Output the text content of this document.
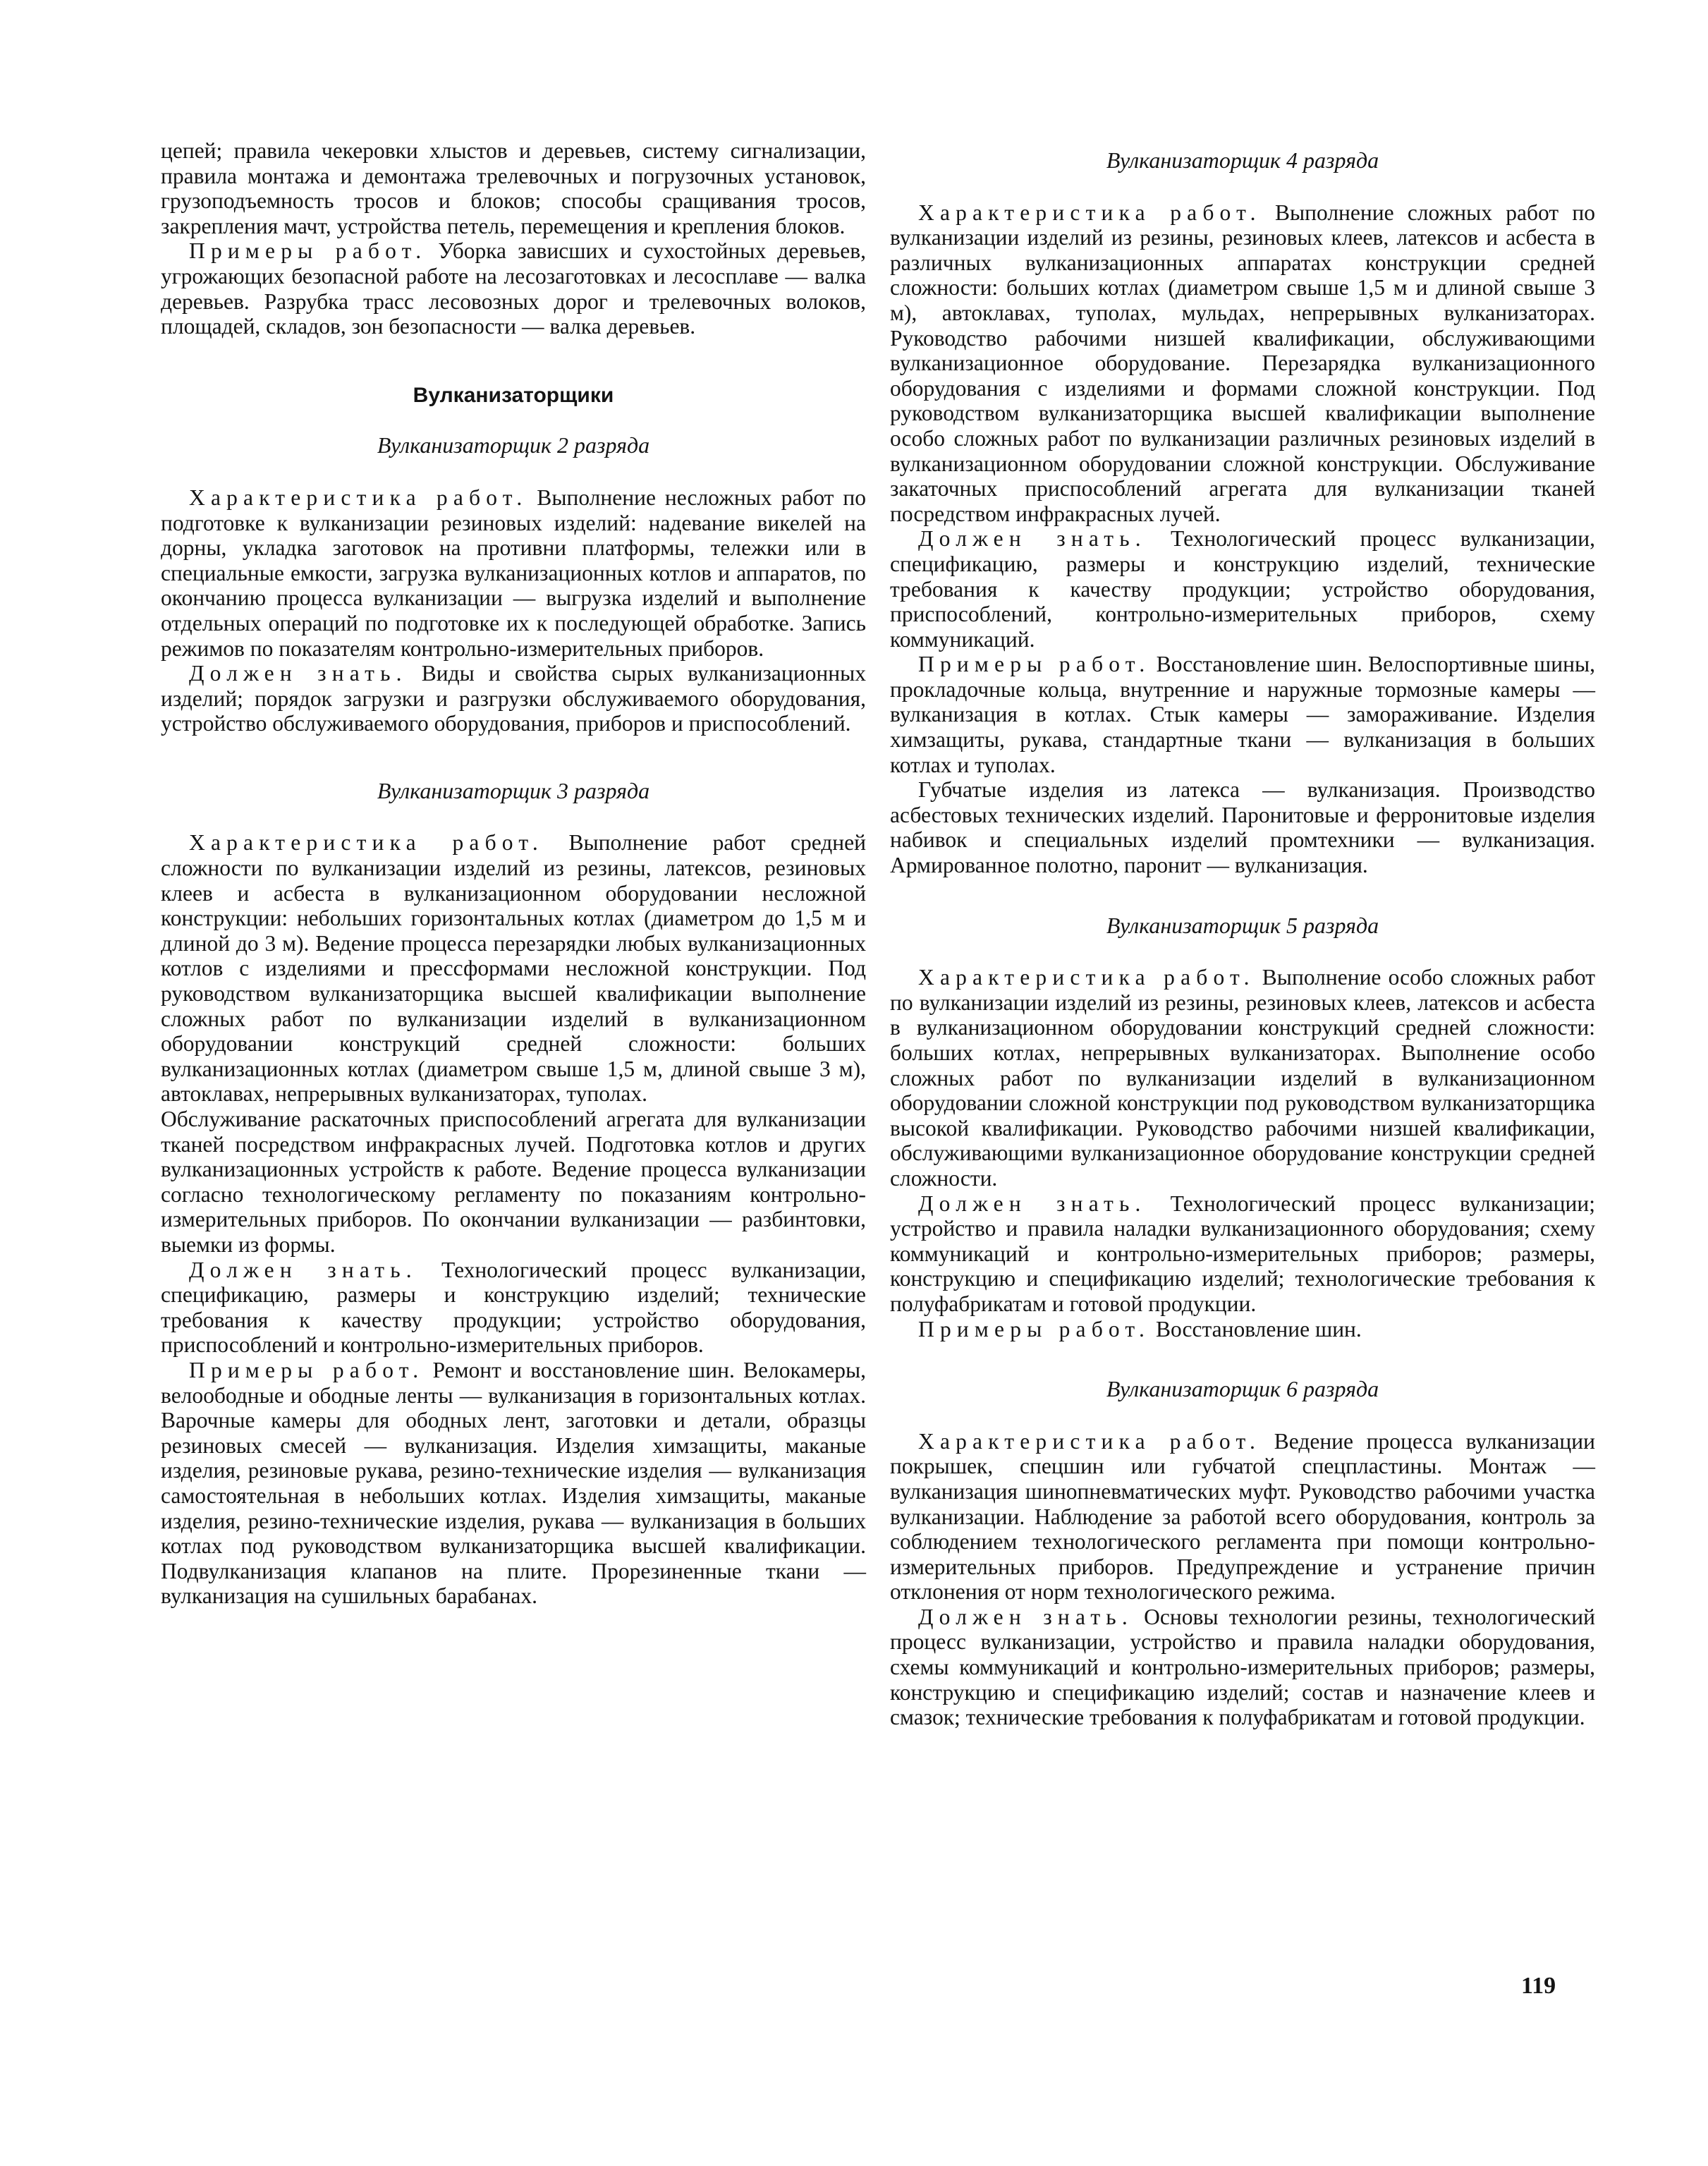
цепей; правила чекеровки хлыстов и деревьев, систему сигнализации, правила монтажа и демонтажа трелевочных и погрузочных установок, грузоподъемность тросов и блоков; способы сращивания тросов, закрепления мачт, устройства петель, перемещения и крепления блоков.

Примеры работ. Уборка зависших и сухостойных деревьев, угрожающих безопасной работе на лесозаготовках и лесосплаве — валка деревьев. Разрубка трасс лесовозных дорог и трелевочных волоков, площадей, складов, зон безопасности — валка деревьев.

Вулканизаторщики
Вулканизаторщик 2 разряда

Характеристика работ. Выполнение несложных работ по подготовке к вулканизации резиновых изделий: надевание викелей на дорны, укладка заготовок на противни платформы, тележки или в специальные емкости, загрузка вулканизационных котлов и аппаратов, по окончанию процесса вулканизации — выгрузка изделий и выполнение отдельных операций по подготовке их к последующей обработке. Запись режимов по показателям контрольно-измерительных приборов.

Должен знать. Виды и свойства сырых вулканизационных изделий; порядок загрузки и разгрузки обслуживаемого оборудования, устройство обслуживаемого оборудования, приборов и приспособлений.

Вулканизаторщик 3 разряда

Характеристика работ. Выполнение работ средней сложности по вулканизации изделий из резины, латексов, резиновых клеев и асбеста в вулканизационном оборудовании несложной конструкции: небольших горизонтальных котлах (диаметром до 1,5 м и длиной до 3 м). Ведение процесса перезарядки любых вулканизационных котлов с изделиями и прессформами несложной конструкции. Под руководством вулканизаторщика высшей квалификации выполнение сложных работ по вулканизации изделий в вулканизационном оборудовании конструкций средней сложности: больших вулканизационных котлах (диаметром свыше 1,5 м, длиной свыше 3 м), автоклавах, непрерывных вулканизаторах, туполах.

Обслуживание раскаточных приспособлений агрегата для вулканизации тканей посредством инфракрасных лучей. Подготовка котлов и других вулканизационных устройств к работе. Ведение процесса вулканизации согласно технологическому регламенту по показаниям контрольно-измерительных приборов. По окончании вулканизации — разбинтовки, выемки из формы.

Должен знать. Технологический процесс вулканизации, спецификацию, размеры и конструкцию изделий; технические требования к качеству продукции; устройство оборудования, приспособлений и контрольно-измерительных приборов.

Примеры работ. Ремонт и восстановление шин. Велокамеры, велоободные и ободные ленты — вулканизация в горизонтальных котлах. Варочные камеры для ободных лент, заготовки и детали, образцы резиновых смесей — вулканизация. Изделия химзащиты, маканые изделия, резиновые рукава, резино-технические изделия — вулканизация самостоятельная в небольших котлах. Изделия химзащиты, маканые изделия, резино-технические изделия, рукава — вулканизация в больших котлах под руководством вулканизаторщика высшей квалификации. Подвулканизация клапанов на плите. Прорезиненные ткани — вулканизация на сушильных барабанах.

Вулканизаторщик 4 разряда

Характеристика работ. Выполнение сложных работ по вулканизации изделий из резины, резиновых клеев, латексов и асбеста в различных вулканизационных аппаратах конструкции средней сложности: больших котлах (диаметром свыше 1,5 м и длиной свыше 3 м), автоклавах, туполах, мульдах, непрерывных вулканизаторах. Руководство рабочими низшей квалификации, обслуживающими вулканизационное оборудование. Перезарядка вулканизационного оборудования с изделиями и формами сложной конструкции. Под руководством вулканизаторщика высшей квалификации выполнение особо сложных работ по вулканизации различных резиновых изделий в вулканизационном оборудовании сложной конструкции. Обслуживание закаточных приспособлений агрегата для вулканизации тканей посредством инфракрасных лучей.

Должен знать. Технологический процесс вулканизации, спецификацию, размеры и конструкцию изделий, технические требования к качеству продукции; устройство оборудования, приспособлений, контрольно-измерительных приборов, схему коммуникаций.

Примеры работ. Восстановление шин. Велоспортивные шины, прокладочные кольца, внутренние и наружные тормозные камеры — вулканизация в котлах. Стык камеры — замораживание. Изделия химзащиты, рукава, стандартные ткани — вулканизация в больших котлах и туполах.

Губчатые изделия из латекса — вулканизация. Производство асбестовых технических изделий. Паронитовые и ферронитовые изделия набивок и специальных изделий промтехники — вулканизация. Армированное полотно, паронит — вулканизация.

Вулканизаторщик 5 разряда

Характеристика работ. Выполнение особо сложных работ по вулканизации изделий из резины, резиновых клеев, латексов и асбеста в вулканизационном оборудовании конструкций средней сложности: больших котлах, непрерывных вулканизаторах. Выполнение особо сложных работ по вулканизации изделий в вулканизационном оборудовании сложной конструкции под руководством вулканизаторщика высокой квалификации. Руководство рабочими низшей квалификации, обслуживающими вулканизационное оборудование конструкции средней сложности.

Должен знать. Технологический процесс вулканизации; устройство и правила наладки вулканизационного оборудования; схему коммуникаций и контрольно-измерительных приборов; размеры, конструкцию и спецификацию изделий; технологические требования к полуфабрикатам и готовой продукции.

Примеры работ. Восстановление шин.

Вулканизаторщик 6 разряда

Характеристика работ. Ведение процесса вулканизации покрышек, спецшин или губчатой спецпластины. Монтаж — вулканизация шинопневматических муфт. Руководство рабочими участка вулканизации. Наблюдение за работой всего оборудования, контроль за соблюдением технологического регламента при помощи контрольно-измерительных приборов. Предупреждение и устранение причин отклонения от норм технологического режима.

Должен знать. Основы технологии резины, технологический процесс вулканизации, устройство и правила наладки оборудования, схемы коммуникаций и контрольно-измерительных приборов; размеры, конструкцию и спецификацию изделий; состав и назначение клеев и смазок; технические требования к полуфабрикатам и готовой продукции.

119
